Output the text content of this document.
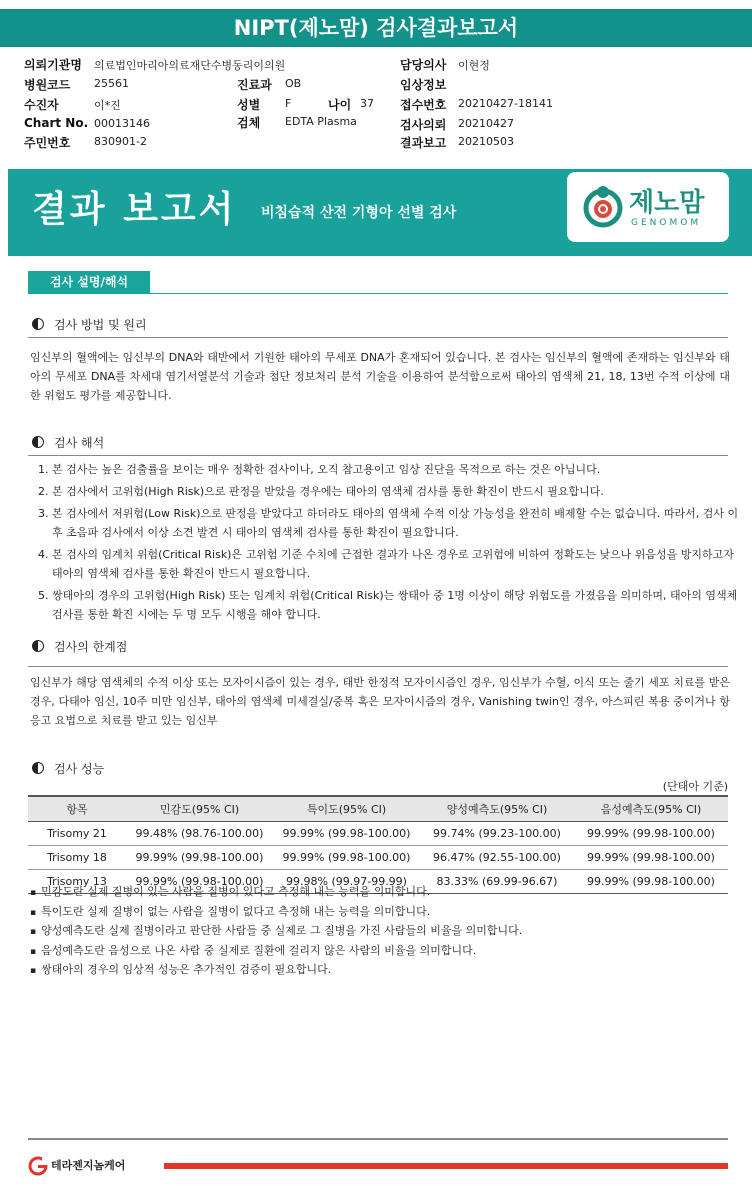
NIPT(제노맘) 검사결과보고서
의뢰기관명 의료법인마리아의료재단수병동리이의원	담당의사 이현정
병원코드 25561	진료과 OB	임상정보
수진자	이*진	성별 F	나이 37 접수번호 20210427-18141
Chart No. 00013146	검체 EDTA Plasma	검사의뢰 20210427
주민번호 830901-2	결과보고 20210503
결과 보고서 비침습적 산전 기형아 선별 검사	제노맘
GENOMOM
검사 설명/해석
검사 방법 및 원리
임신부의 혈액에는 임신부의 DNA와 태반에서 기원한 태아의 무세포 DNA가 혼재되어 있습니다. 본 검사는 임신부의 혈액에 존재하는 임신부와 태아의 무세포 DNA를 차세대 염기서열분석 기술과 첨단 정보처리 분석 기술을 이용하여 분석함으로써 태아의 염색체 21, 18, 13번 수적 이상에 대한 위험도 평가를 제공합니다.
검사 해석
1. 본 검사는 높은 검출률을 보이는 매우 정확한 검사이나, 오직 참고용이고 임상 진단을 목적으로 하는 것은 아닙니다.
2. 본 검사에서 고위험(High Risk)으로 판정을 받았을 경우에는 태아의 염색체 검사를 통한 확진이 반드시 필요합니다.
3. 본 검사에서 저위험(Low Risk)으로 판정을 받았다고 하더라도 태아의 염색체 수적 이상 가능성을 완전히 배제할 수는 없습니다. 따라서, 검사 이후 초음파 검사에서 이상 소견 발견 시 태아의 염색체 검사를 통한 확진이 필요합니다.
4. 본 검사의 임계치 위험(Critical Risk)은 고위험 기준 수치에 근접한 결과가 나온 경우로 고위험에 비하여 정확도는 낮으나 위음성을 방지하고자 태아의 염색체 검사를 통한 확진이 반드시 필요합니다.
5. 쌍태아의 경우의 고위험(High Risk) 또는 임계치 위험(Critical Risk)는 쌍태아 중 1명 이상이 해당 위험도를 가졌음을 의미하며, 태아의 염색체 검사를 통한 확진 시에는 두 명 모두 시행을 해야 합니다.
검사의 한계점
임신부가 해당 염색체의 수적 이상 또는 모자이시즘이 있는 경우, 태반 한정적 모자이시즘인 경우, 임신부가 수혈, 이식 또는 줄기 세포 치료를 받은 경우, 다태아 임신, 10주 미만 임신부, 태아의 염색체 미세결실/중복 혹은 모자이시즘의 경우, Vanishing twin인 경우, 아스피린 복용 중이거나 항 응고 요법으로 치료를 받고 있는 임신부
검사 성능
(단태아 기준)
항목	민감도(95% CI)	특이도(95% CI)	양성예측도(95% CI)	음성예측도(95% CI)
Trisomy 21	99.48% (98.76-100.00)	99.99% (99.98-100.00)	99.74% (99.23-100.00)	99.99% (99.98-100.00)
Trisomy 18	99.99% (99.98-100.00)	99.99% (99.98-100.00)	96.47% (92.55-100.00)	99.99% (99.98-100.00)
Trisomy 13	99.99% (99.98-100.00)	99.98% (99.97-99.99)	83.33% (69.99-96.67)	99.99% (99.98-100.00)
▪ 민감도란 실제 질병이 있는 사람을 질병이 있다고 측정해 내는 능력을 의미합니다.
▪ 특이도란 실제 질병이 없는 사람을 질병이 없다고 측정해 내는 능력을 의미합니다.
▪ 양성예측도란 실제 질병이라고 판단한 사람들 중 실제로 그 질병을 가진 사람들의 비율을 의미합니다.
▪ 음성예측도란 음성으로 나온 사람 중 실제로 질환에 걸리지 않은 사람의 비율을 의미합니다.
▪ 쌍태아의 경우의 임상적 성능은 추가적인 검증이 필요합니다.
테라젠지놈케어
